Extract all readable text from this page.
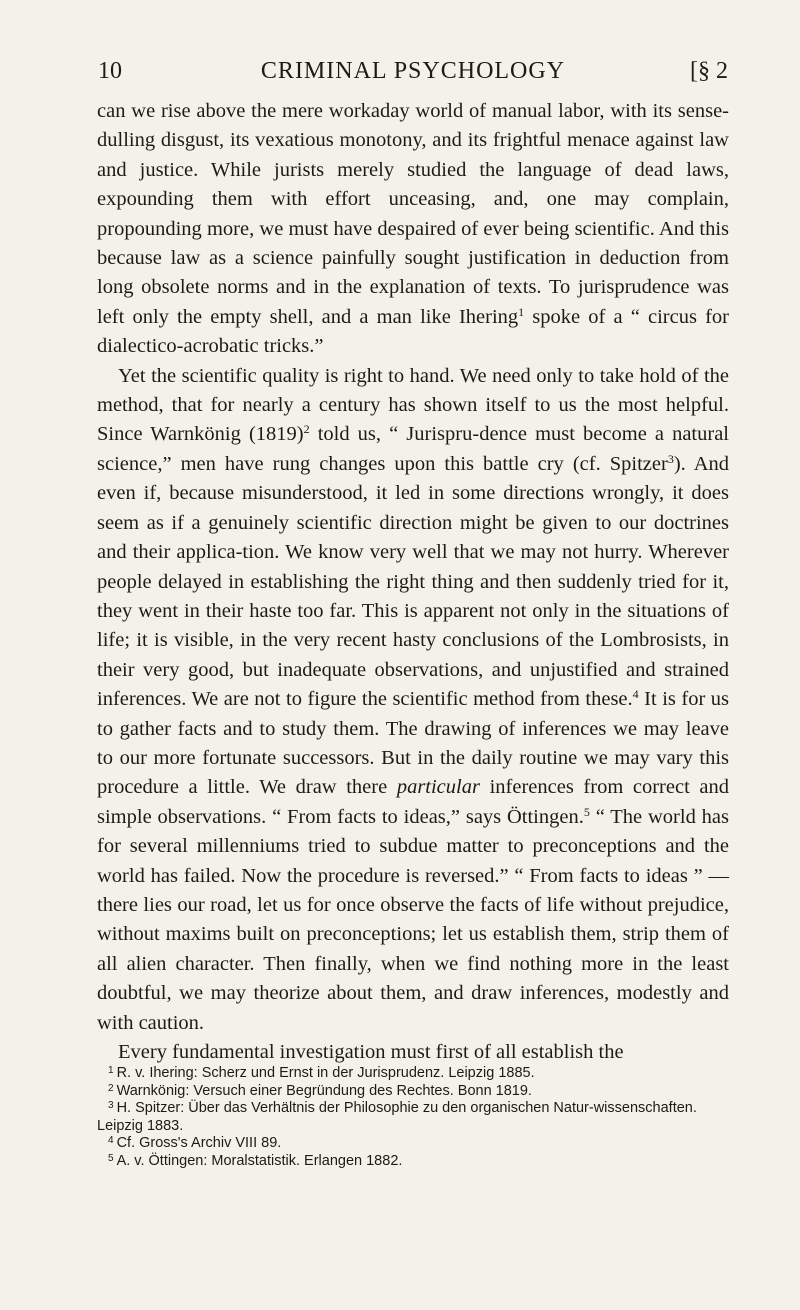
10	CRIMINAL PSYCHOLOGY	[§ 2

can we rise above the mere workaday world of manual labor, with its sense-dulling disgust, its vexatious monotony, and its frightful menace against law and justice. While jurists merely studied the language of dead laws, expounding them with effort unceasing, and, one may complain, propounding more, we must have despaired of ever being scientific. And this because law as a science painfully sought justification in deduction from long obsolete norms and in the explanation of texts. To jurisprudence was left only the empty shell, and a man like Ihering$^1$ spoke of a “ circus for dialectico-acrobatic tricks.”

Yet the scientific quality is right to hand. We need only to take hold of the method, that for nearly a century has shown itself to us the most helpful. Since Warnkönig $(1819)^2$ told us, “ Jurispru-dence must become a natural science,” men have rung changes upon this battle cry (cf. Spitzer$^3$). And even if, because misunderstood, it led in some directions wrongly, it does seem as if a genuinely scientific direction might be given to our doctrines and their applica-tion. We know very well that we may not hurry. Wherever people delayed in establishing the right thing and then suddenly tried for it, they went in their haste too far. This is apparent not only in the situations of life; it is visible, in the very recent hasty conclusions of the Lombrosists, in their very good, but inadequate observations, and unjustified and strained inferences. We are not to figure the scientific method from these.$^4$ It is for us to gather facts and to study them. The drawing of inferences we may leave to our more fortunate successors. But in the daily routine we may vary this procedure a little. We draw there particular inferences from correct and simple observations. “ From facts to ideas,” says Öttingen.$^5$ “ The world has for several millenniums tried to subdue matter to preconceptions and the world has failed. Now the procedure is reversed.” “ From facts to ideas ” — there lies our road, let us for once observe the facts of life without prejudice, without maxims built on preconceptions; let us establish them, strip them of all alien character. Then finally, when we find nothing more in the least doubtful, we may theorize about them, and draw inferences, modestly and with caution.

Every fundamental investigation must first of all establish the

$^1$ R. v. Ihering: Scherz und Ernst in der Jurisprudenz. Leipzig 1885.
$^2$ Warnkönig: Versuch einer Begründung des Rechtes. Bonn 1819.
$^3$ H. Spitzer: Über das Verhältnis der Philosophie zu den organischen Natur-wissenschaften. Leipzig 1883.
$^4$ Cf. Gross's Archiv VIII 89.
$^5$ A. v. Öttingen: Moralstatistik. Erlangen 1882.
